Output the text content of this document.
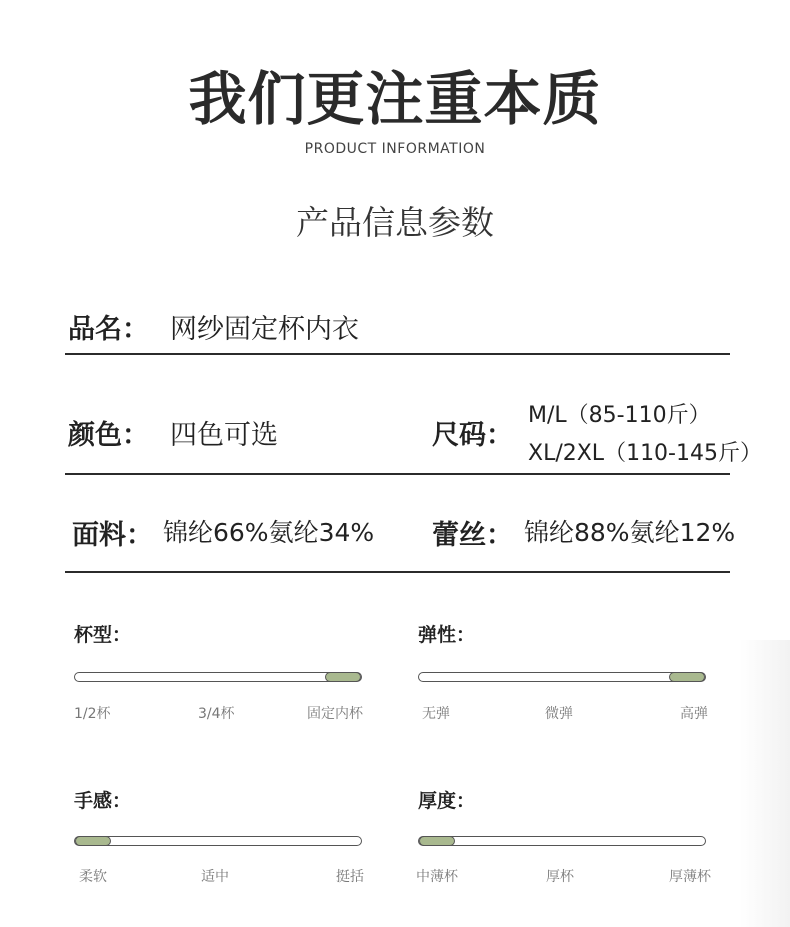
我们更注重本质
PRODUCT INFORMATION
产品信息参数
品名： 网纱固定杯内衣
颜色： 四色可选	尺码：
M/L（85-110斤）
XL/2XL（110-145斤）
面料： 锦纶66%氨纶34% 蕾丝： 锦纶88%氨纶12%
杯型：
1/2杯	3/4杯	固定内杯
弹性：
无弹	微弹	高弹
手感：
柔软	适中	挺括
厚度：
中薄杯	厚杯	厚薄杯
